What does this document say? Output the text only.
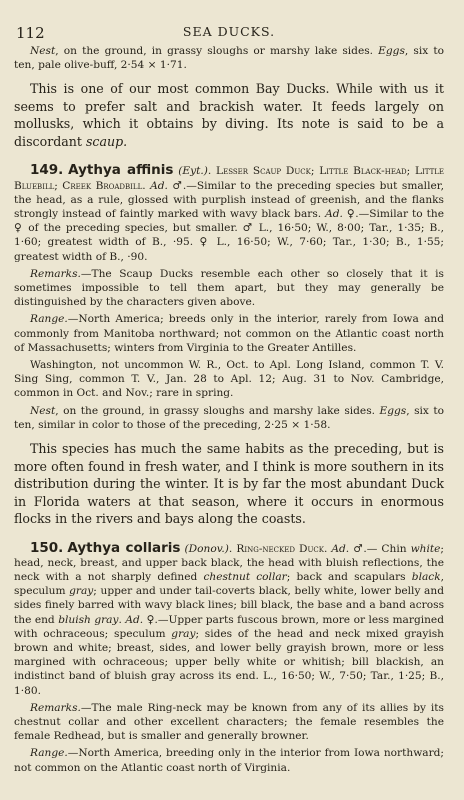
112	SEA DUCKS.

Nest, on the ground, in grassy sloughs or marshy lake sides. Eggs, six to ten, pale olive-buff, 2·54 × 1·71.

This is one of our most common Bay Ducks. While with us it seems to prefer salt and brackish water. It feeds largely on mollusks, which it obtains by diving. Its note is said to be a discordant scaup.

149. Aythya affinis (Eyt.). Lesser Scaup Duck; Little Black-head; Little Bluebill; Creek Broadbill. Ad. ♂.—Similar to the preceding species but smaller, the head, as a rule, glossed with purplish instead of greenish, and the flanks strongly instead of faintly marked with wavy black bars. Ad. ♀.—Similar to the ♀ of the preceding species, but smaller. ♂ L., 16·50; W., 8·00; Tar., 1·35; B., 1·60; greatest width of B., ·95. ♀ L., 16·50; W., 7·60; Tar., 1·30; B., 1·55; greatest width of B., ·90.

Remarks.—The Scaup Ducks resemble each other so closely that it is sometimes impossible to tell them apart, but they may generally be distinguished by the characters given above.

Range.—North America; breeds only in the interior, rarely from Iowa and commonly from Manitoba northward; not common on the Atlantic coast north of Massachusetts; winters from Virginia to the Greater Antilles.

Washington, not uncommon W. R., Oct. to Apl. Long Island, common T. V. Sing Sing, common T. V., Jan. 28 to Apl. 12; Aug. 31 to Nov. Cambridge, common in Oct. and Nov.; rare in spring.

Nest, on the ground, in grassy sloughs and marshy lake sides. Eggs, six to ten, similar in color to those of the preceding, 2·25 × 1·58.

This species has much the same habits as the preceding, but is more often found in fresh water, and I think is more southern in its distribution during the winter. It is by far the most abundant Duck in Florida waters at that season, where it occurs in enormous flocks in the rivers and bays along the coasts.

150. Aythya collaris (Donov.). Ring-necked Duck. Ad. ♂.— Chin white; head, neck, breast, and upper back black, the head with bluish reflections, the neck with a not sharply defined chestnut collar; back and scapulars black, speculum gray; upper and under tail-coverts black, belly white, lower belly and sides finely barred with wavy black lines; bill black, the base and a band across the end bluish gray. Ad. ♀.—Upper parts fuscous brown, more or less margined with ochraceous; speculum gray; sides of the head and neck mixed grayish brown and white; breast, sides, and lower belly grayish brown, more or less margined with ochraceous; upper belly white or whitish; bill blackish, an indistinct band of bluish gray across its end. L., 16·50; W., 7·50; Tar., 1·25; B., 1·80.

Remarks.—The male Ring-neck may be known from any of its allies by its chestnut collar and other excellent characters; the female resembles the female Redhead, but is smaller and generally browner.

Range.—North America, breeding only in the interior from Iowa northward; not common on the Atlantic coast north of Virginia.
